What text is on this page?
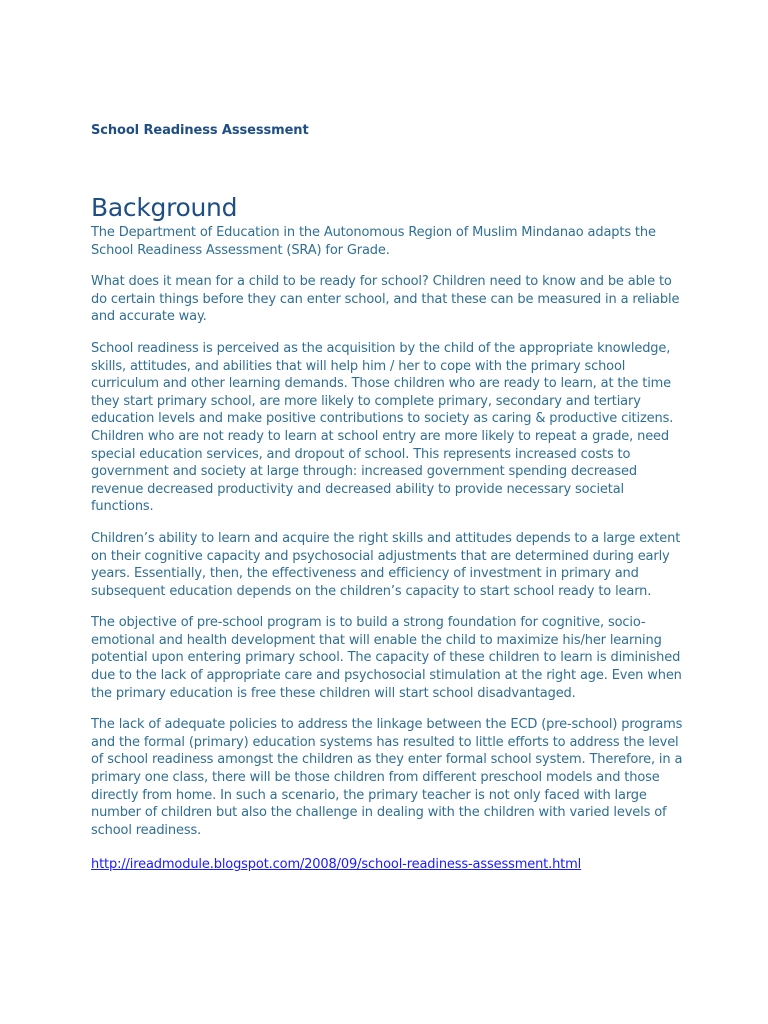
School Readiness Assessment
Background

The Department of Education in the Autonomous Region of Muslim Mindanao adapts the School Readiness Assessment (SRA) for Grade.

What does it mean for a child to be ready for school? Children need to know and be able to do certain things before they can enter school, and that these can be measured in a reliable and accurate way.

School readiness is perceived as the acquisition by the child of the appropriate knowledge, skills, attitudes, and abilities that will help him / her to cope with the primary school curriculum and other learning demands. Those children who are ready to learn, at the time they start primary school, are more likely to complete primary, secondary and tertiary education levels and make positive contributions to society as caring & productive citizens. Children who are not ready to learn at school entry are more likely to repeat a grade, need special education services, and dropout of school. This represents increased costs to government and society at large through: increased government spending decreased revenue decreased productivity and decreased ability to provide necessary societal functions.

Children’s ability to learn and acquire the right skills and attitudes depends to a large extent on their cognitive capacity and psychosocial adjustments that are determined during early years. Essentially, then, the effectiveness and efficiency of investment in primary and subsequent education depends on the children’s capacity to start school ready to learn.

The objective of pre-school program is to build a strong foundation for cognitive, socio-emotional and health development that will enable the child to maximize his/her learning potential upon entering primary school. The capacity of these children to learn is diminished due to the lack of appropriate care and psychosocial stimulation at the right age. Even when the primary education is free these children will start school disadvantaged.

The lack of adequate policies to address the linkage between the ECD (pre-school) programs and the formal (primary) education systems has resulted to little efforts to address the level of school readiness amongst the children as they enter formal school system. Therefore, in a primary one class, there will be those children from different preschool models and those directly from home. In such a scenario, the primary teacher is not only faced with large number of children but also the challenge in dealing with the children with varied levels of school readiness.

http://ireadmodule.blogspot.com/2008/09/school-readiness-assessment.html
